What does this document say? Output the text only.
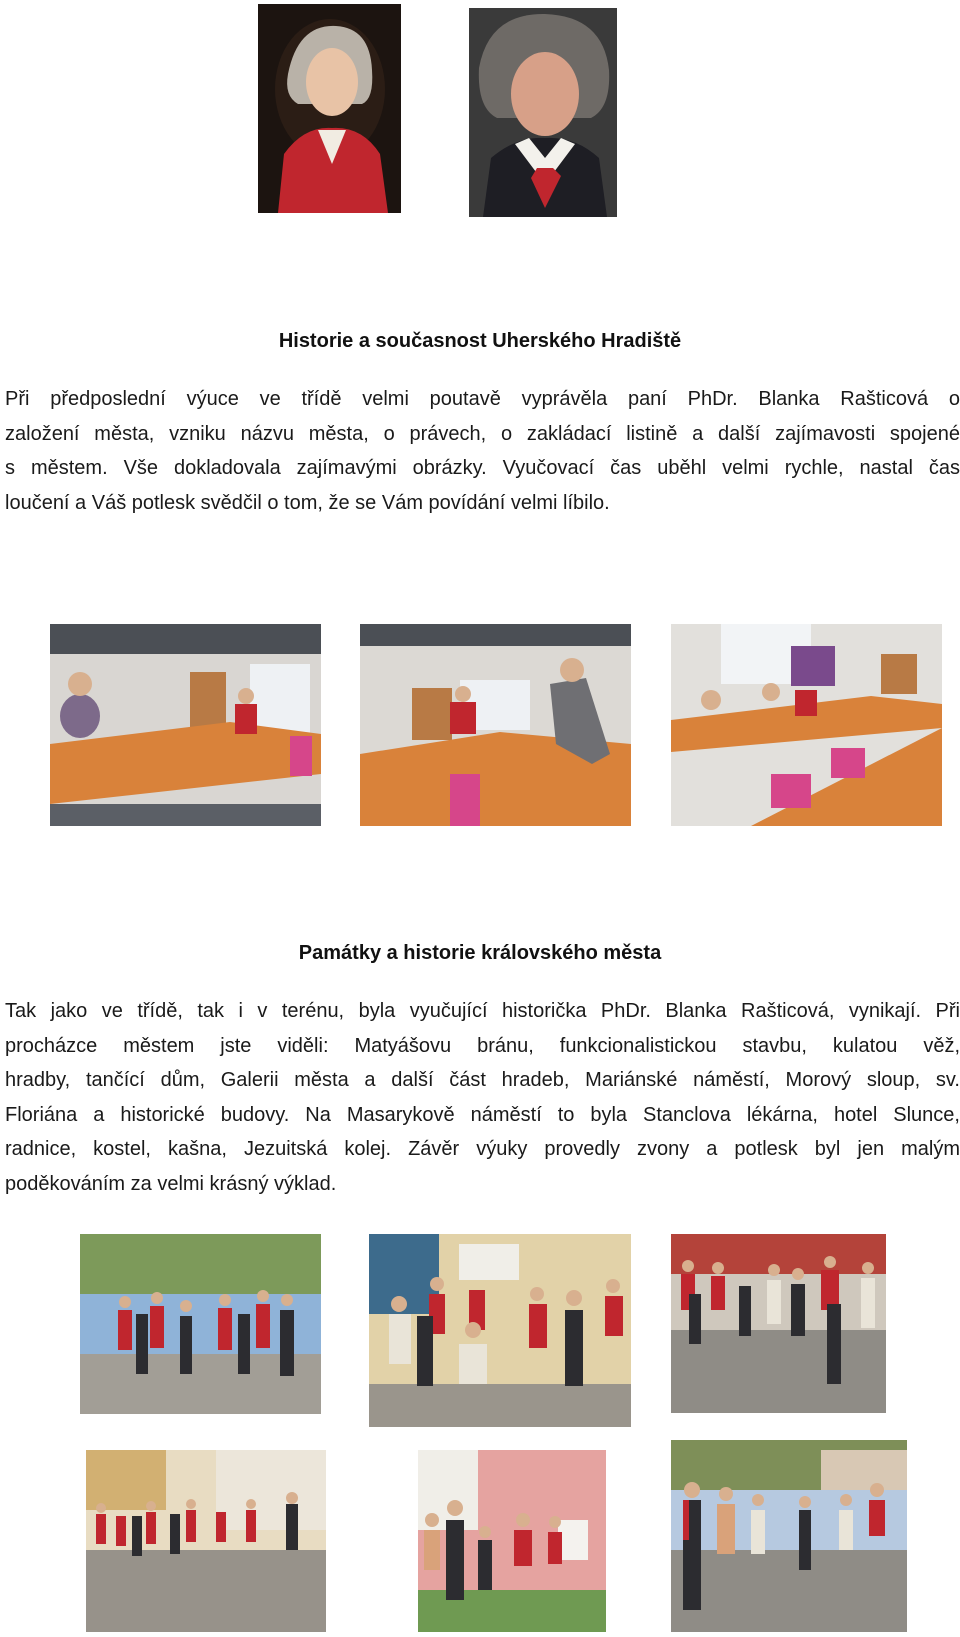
Historie a současnost Uherského Hradiště

Při předposlední výuce ve třídě velmi poutavě vyprávěla paní PhDr. Blanka Rašticová o
založení města, vzniku názvu města, o právech, o zakládací listině a další zajímavosti spojené
s městem. Vše dokladovala zajímavými obrázky. Vyučovací čas uběhl velmi rychle, nastal čas
loučení a Váš potlesk svědčil o tom, že se Vám povídání velmi líbilo.

Památky a historie královského města

Tak jako ve třídě, tak i v terénu, byla vyučující historička PhDr. Blanka Rašticová, vynikají. Při
procházce městem jste viděli: Matyášovu bránu, funkcionalistickou stavbu, kulatou věž,
hradby, tančící dům, Galerii města a další část hradeb, Mariánské náměstí, Morový sloup, sv.
Floriána a historické budovy. Na Masarykově náměstí to byla Stanclova lékárna, hotel Slunce,
radnice, kostel, kašna, Jezuitská kolej. Závěr výuky provedly zvony a potlesk byl jen malým
poděkováním za velmi krásný výklad.
